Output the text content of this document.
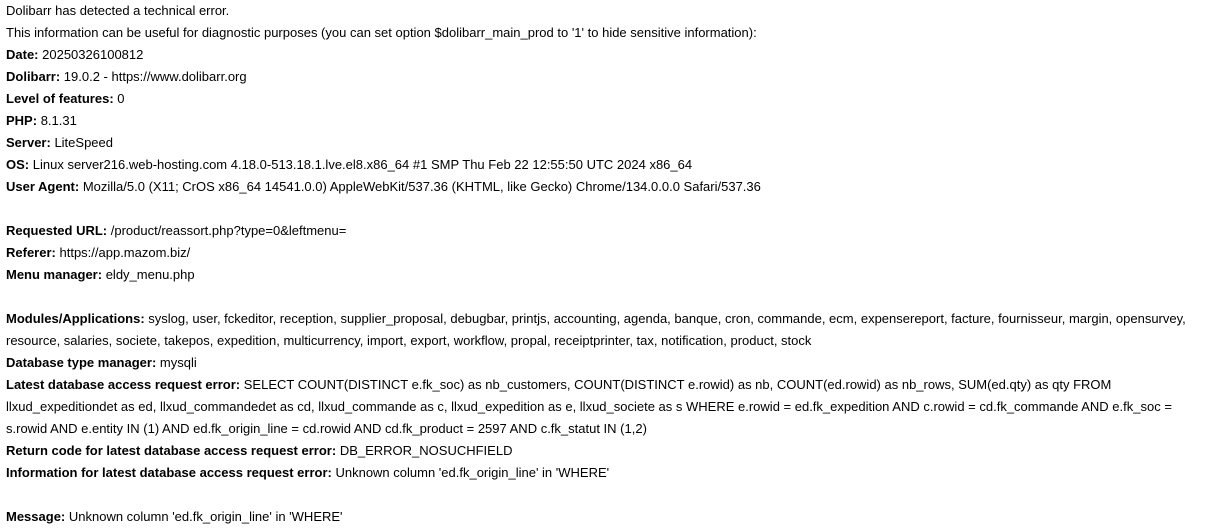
Dolibarr has detected a technical error.
This information can be useful for diagnostic purposes (you can set option $dolibarr_main_prod to '1' to hide sensitive information):
Date: 20250326100812
Dolibarr: 19.0.2 - https://www.dolibarr.org
Level of features: 0
PHP: 8.1.31
Server: LiteSpeed
OS: Linux server216.web-hosting.com 4.18.0-513.18.1.lve.el8.x86_64 #1 SMP Thu Feb 22 12:55:50 UTC 2024 x86_64
User Agent: Mozilla/5.0 (X11; CrOS x86_64 14541.0.0) AppleWebKit/537.36 (KHTML, like Gecko) Chrome/134.0.0.0 Safari/537.36
Requested URL: /product/reassort.php?type=0&leftmenu=
Referer: https://app.mazom.biz/
Menu manager: eldy_menu.php
Modules/Applications: syslog, user, fckeditor, reception, supplier_proposal, debugbar, printjs, accounting, agenda, banque, cron, commande, ecm, expensereport, facture, fournisseur, margin, opensurvey, resource, salaries, societe, takepos, expedition, multicurrency, import, export, workflow, propal, receiptprinter, tax, notification, product, stock
Database type manager: mysqli
Latest database access request error: SELECT COUNT(DISTINCT e.fk_soc) as nb_customers, COUNT(DISTINCT e.rowid) as nb, COUNT(ed.rowid) as nb_rows, SUM(ed.qty) as qty FROM llxud_expeditiondet as ed, llxud_commandedet as cd, llxud_commande as c, llxud_expedition as e, llxud_societe as s WHERE e.rowid = ed.fk_expedition AND c.rowid = cd.fk_commande AND e.fk_soc = s.rowid AND e.entity IN (1) AND ed.fk_origin_line = cd.rowid AND cd.fk_product = 2597 AND c.fk_statut IN (1,2)
Return code for latest database access request error: DB_ERROR_NOSUCHFIELD
Information for latest database access request error: Unknown column 'ed.fk_origin_line' in 'WHERE'
Message: Unknown column 'ed.fk_origin_line' in 'WHERE'
